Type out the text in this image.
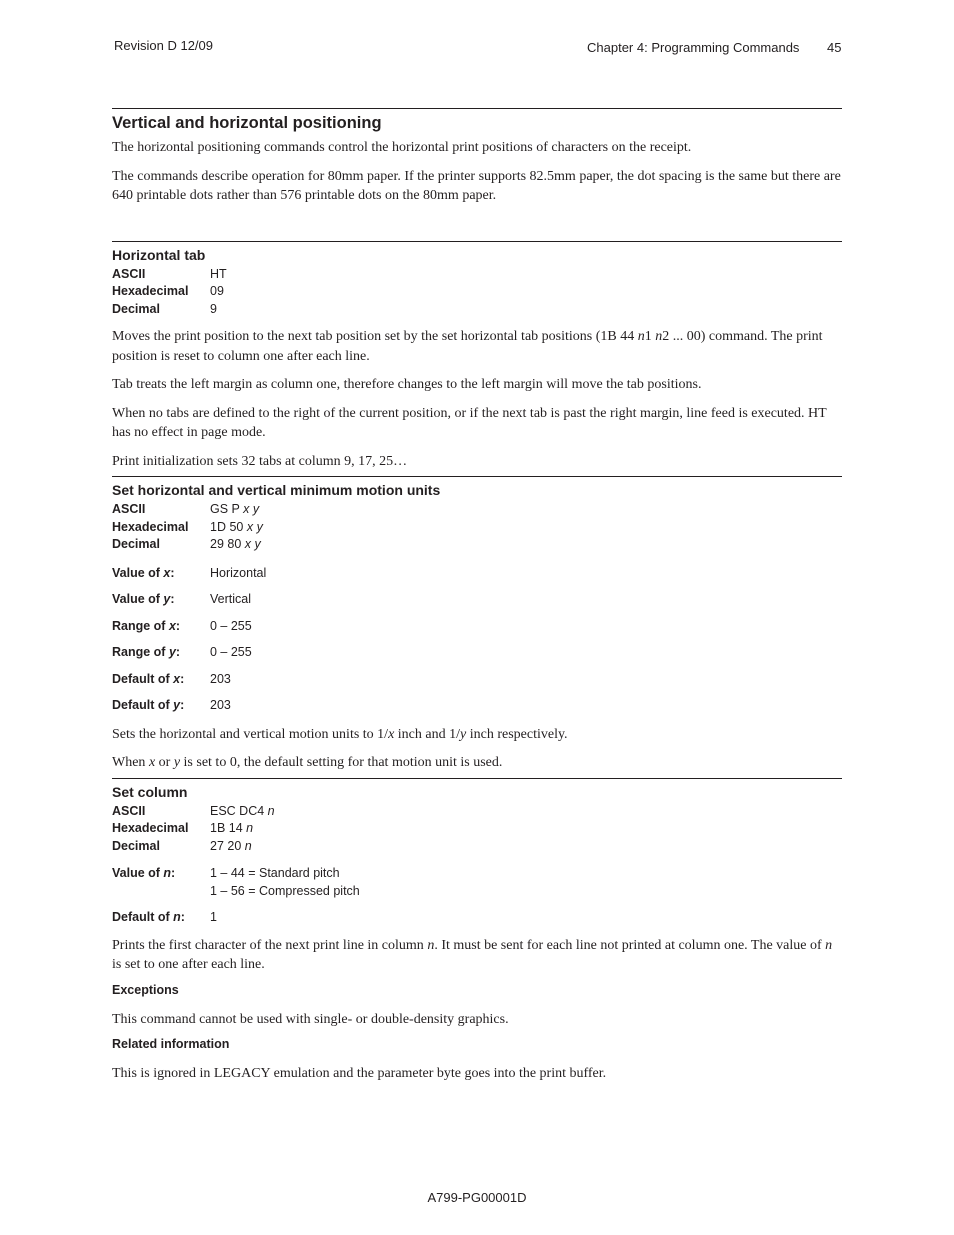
Revision D 12/09	Chapter 4: Programming Commands 45
Vertical and horizontal positioning

The horizontal positioning commands control the horizontal print positions of characters on the receipt.

The commands describe operation for 80mm paper. If the printer supports 82.5mm paper, the dot spacing is the same but there are 640 printable dots rather than 576 printable dots on the 80mm paper.

Horizontal tab
ASCII	HT
Hexadecimal	09
Decimal	9

Moves the print position to the next tab position set by the set horizontal tab positions (1B 44 n1 n2 ... 00) command. The print position is reset to column one after each line.

Tab treats the left margin as column one, therefore changes to the left margin will move the tab positions.

When no tabs are defined to the right of the current position, or if the next tab is past the right margin, line feed is executed. HT has no effect in page mode.

Print initialization sets 32 tabs at column 9, 17, 25…

Set horizontal and vertical minimum motion units
ASCII	GS P x y
Hexadecimal	1D 50 x y
Decimal	29 80 x y
Value of x:	Horizontal
Value of y:	Vertical
Range of x:	0 – 255
Range of y:	0 – 255
Default of x:	203
Default of y:	203

Sets the horizontal and vertical motion units to 1/x inch and 1/y inch respectively.

When x or y is set to 0, the default setting for that motion unit is used.

Set column
ASCII	ESC DC4 n
Hexadecimal	1B 14 n
Decimal	27 20 n
Value of n:	1 – 44 = Standard pitch
1 – 56 = Compressed pitch
Default of n:	1

Prints the first character of the next print line in column n. It must be sent for each line not printed at column one. The value of n is set to one after each line.

Exceptions

This command cannot be used with single- or double-density graphics.

Related information

This is ignored in LEGACY emulation and the parameter byte goes into the print buffer.

A799-PG00001D
